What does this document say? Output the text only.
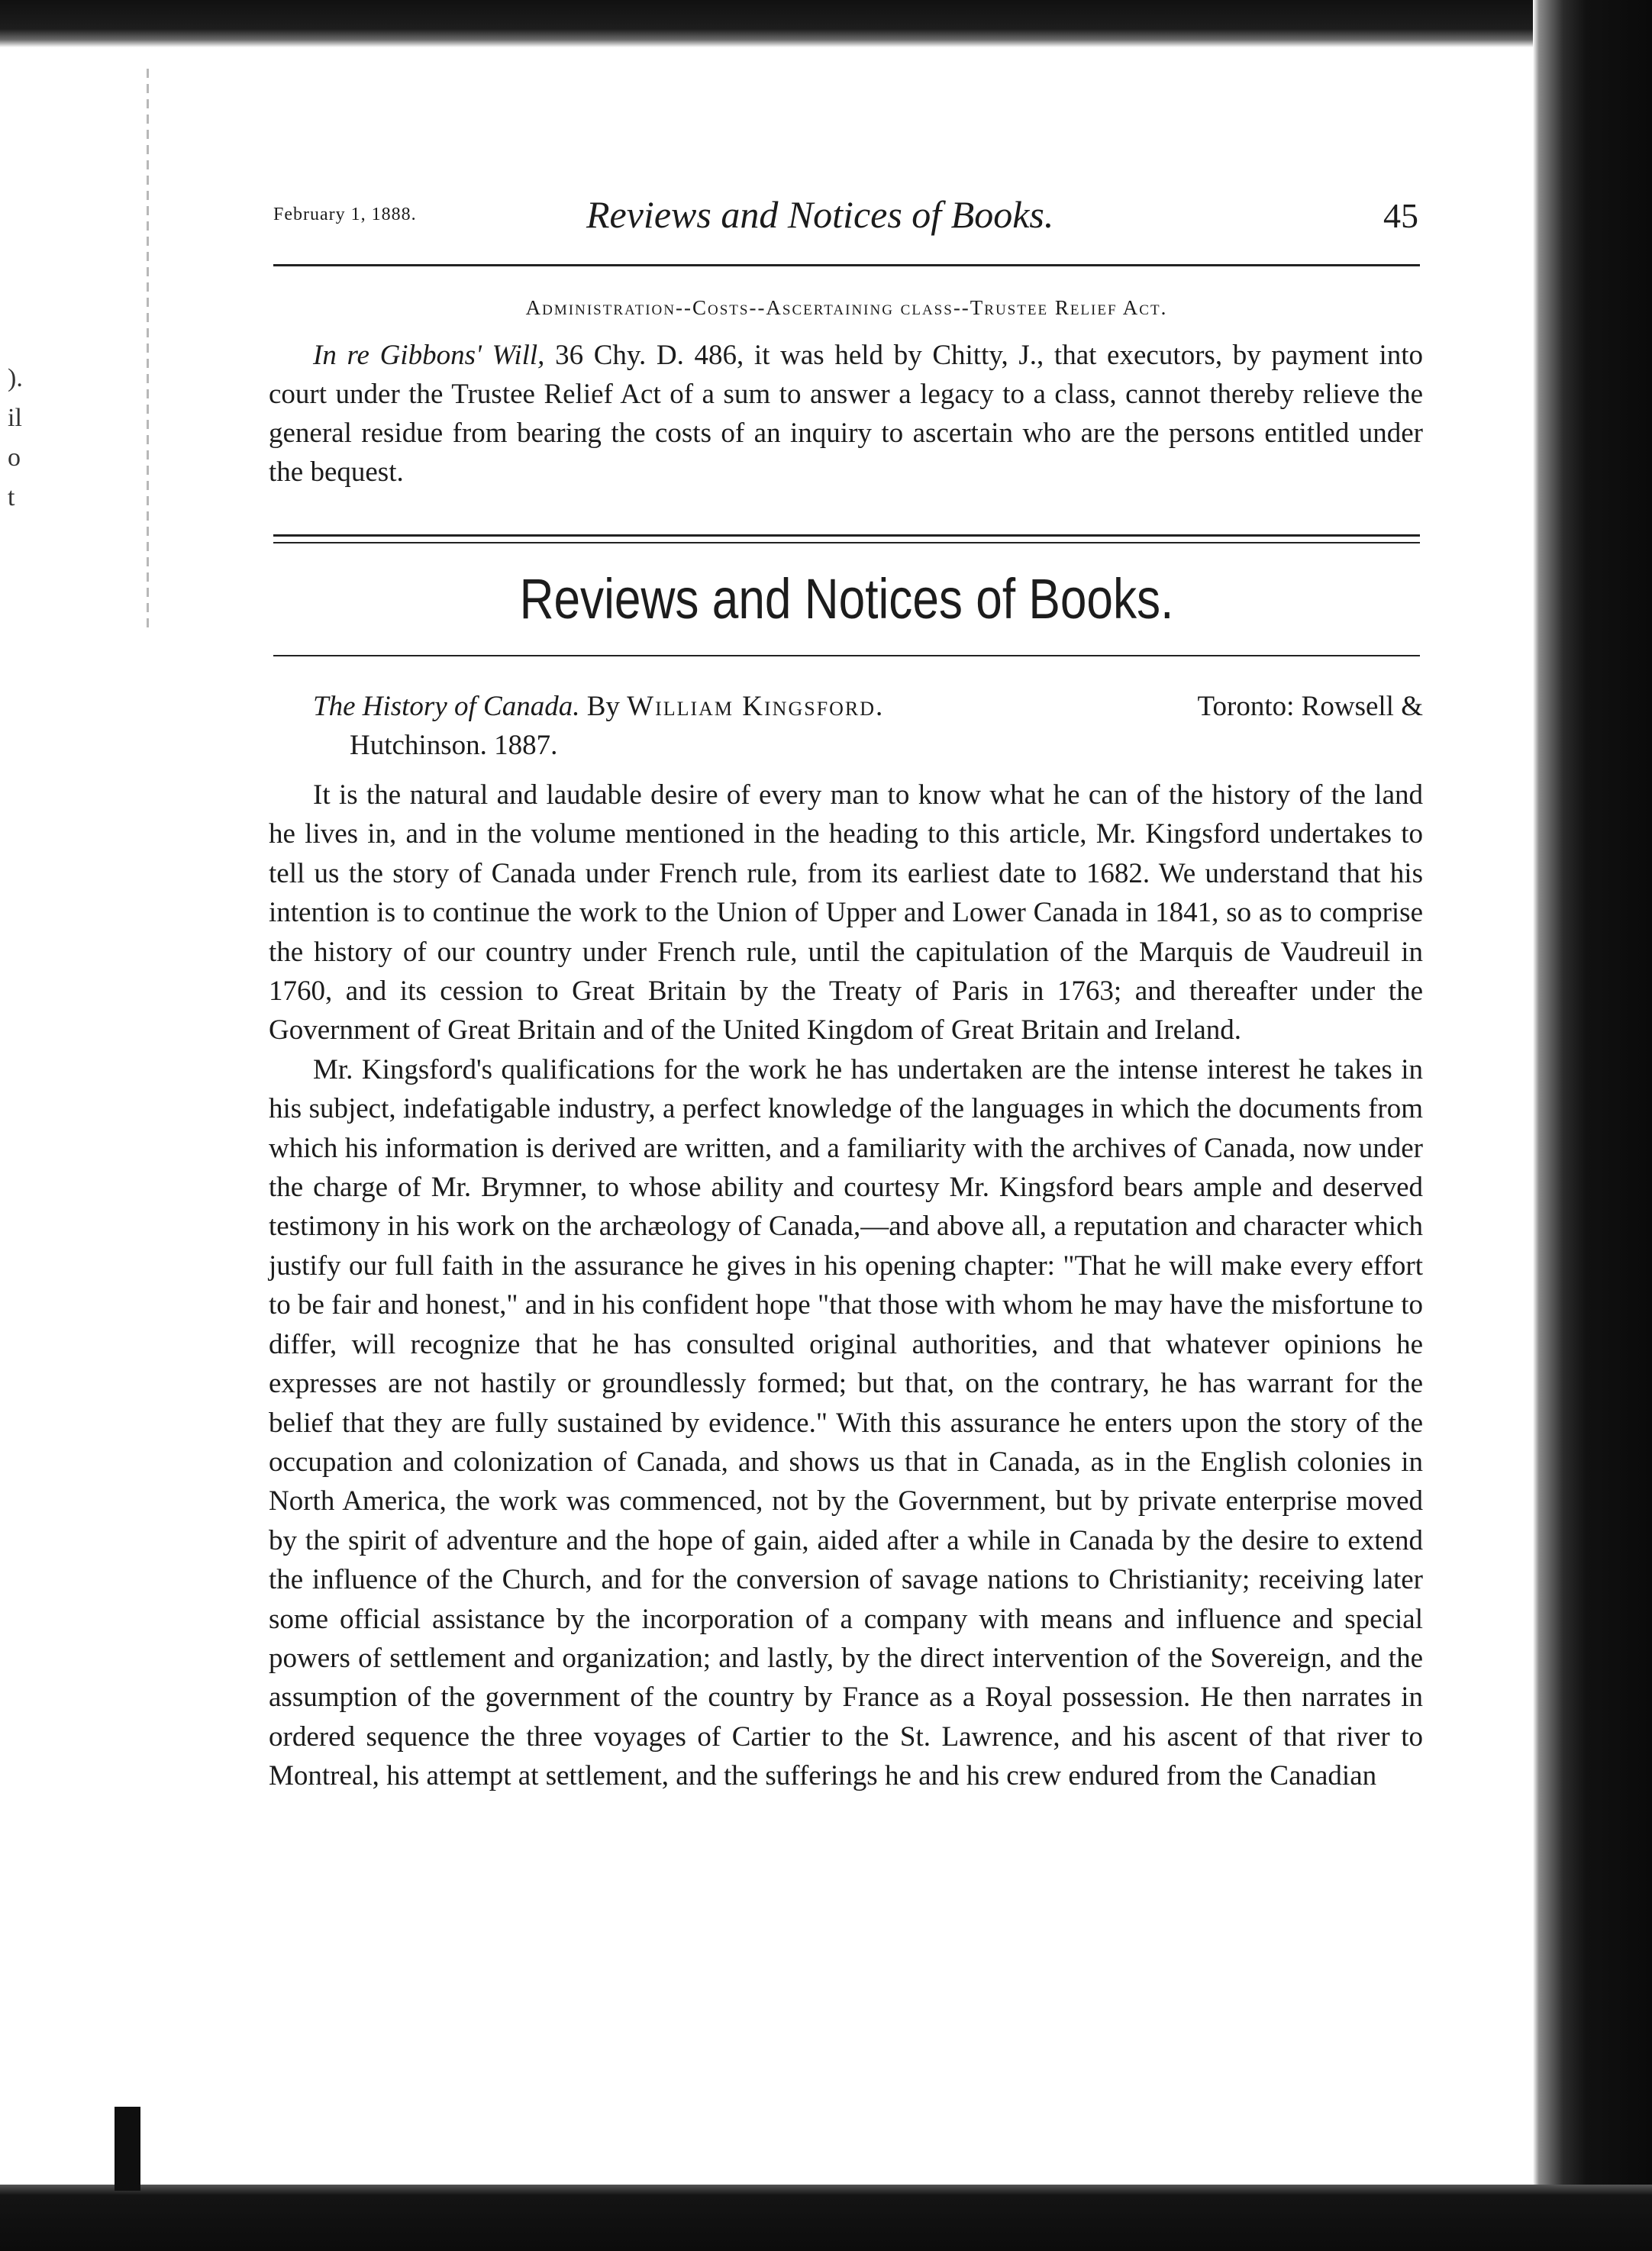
).
il
o
t
February 1, 1888.	Reviews and Notices of Books.	45
Administration--Costs--Ascertaining class--Trustee Relief Act.

In re Gibbons' Will, 36 Chy. D. 486, it was held by Chitty, J., that executors, by payment into court under the Trustee Relief Act of a sum to answer a legacy to a class, cannot thereby relieve the general residue from bearing the costs of an inquiry to ascertain who are the persons entitled under the bequest.

Reviews and Notices of Books.

Toronto: Rowsell &
The History of Canada. By William Kingsford.
Hutchinson. 1887.

It is the natural and laudable desire of every man to know what he can of the history of the land he lives in, and in the volume mentioned in the heading to this article, Mr. Kingsford undertakes to tell us the story of Canada under French rule, from its earliest date to 1682. We understand that his intention is to continue the work to the Union of Upper and Lower Canada in 1841, so as to comprise the history of our country under French rule, until the capitulation of the Marquis de Vaudreuil in 1760, and its cession to Great Britain by the Treaty of Paris in 1763; and thereafter under the Government of Great Britain and of the United Kingdom of Great Britain and Ireland.

Mr. Kingsford's qualifications for the work he has undertaken are the intense interest he takes in his subject, indefatigable industry, a perfect knowledge of the languages in which the documents from which his information is derived are written, and a familiarity with the archives of Canada, now under the charge of Mr. Brymner, to whose ability and courtesy Mr. Kingsford bears ample and deserved testimony in his work on the archæology of Canada,—and above all, a reputation and character which justify our full faith in the assurance he gives in his opening chapter: "That he will make every effort to be fair and honest," and in his confident hope "that those with whom he may have the misfortune to differ, will recognize that he has consulted original authorities, and that whatever opinions he expresses are not hastily or groundlessly formed; but that, on the contrary, he has warrant for the belief that they are fully sustained by evidence." With this assurance he enters upon the story of the occupation and colonization of Canada, and shows us that in Canada, as in the English colonies in North America, the work was commenced, not by the Government, but by private enterprise moved by the spirit of adventure and the hope of gain, aided after a while in Canada by the desire to extend the influence of the Church, and for the conversion of savage nations to Christianity; receiving later some official assistance by the incorporation of a company with means and influence and special powers of settlement and organization; and lastly, by the direct intervention of the Sovereign, and the assumption of the government of the country by France as a Royal possession. He then narrates in ordered sequence the three voyages of Cartier to the St. Lawrence, and his ascent of that river to Montreal, his attempt at settlement, and the sufferings he and his crew endured from the Canadian
